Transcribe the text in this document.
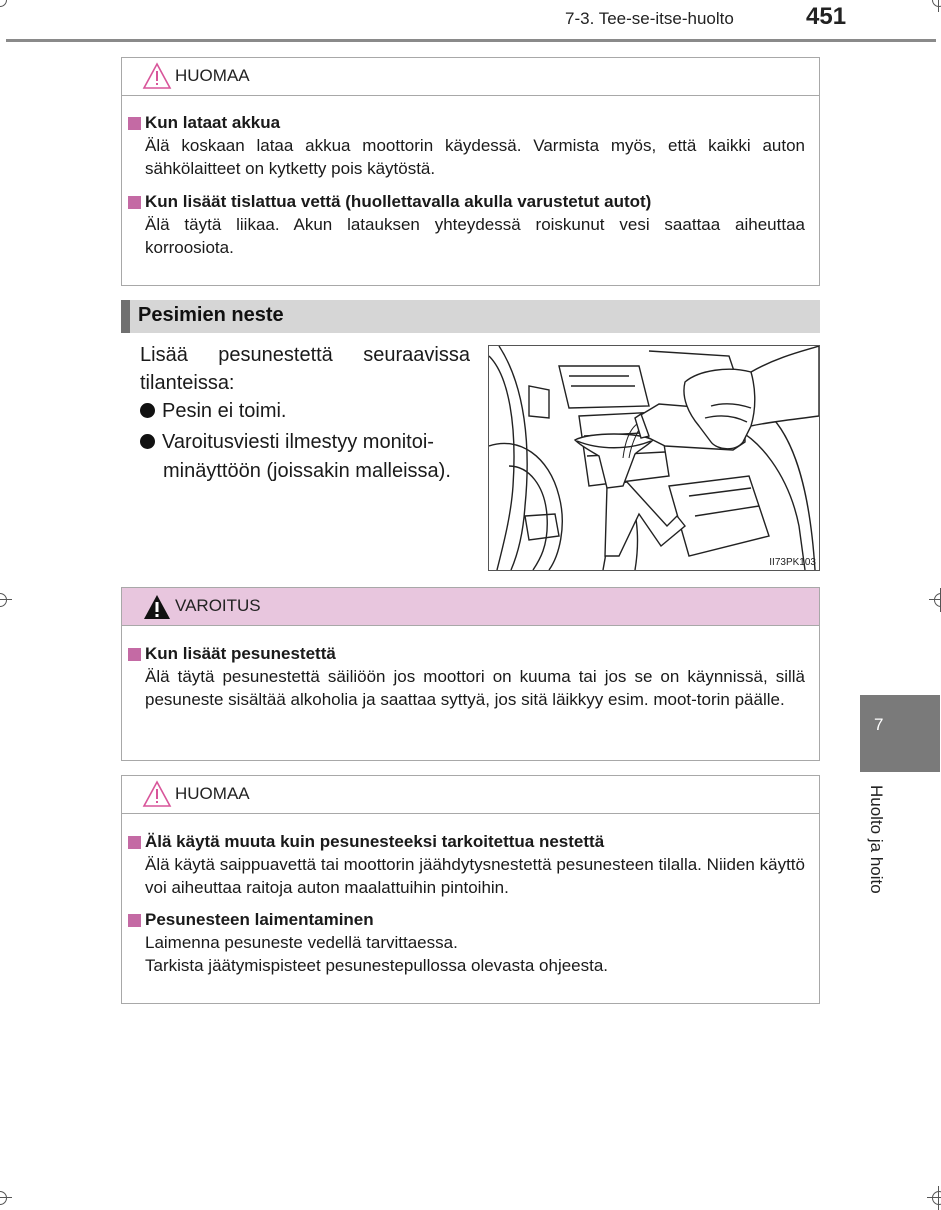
7-3. Tee-se-itse-huolto	451
HUOMAA
Kun lataat akkua
Älä koskaan lataa akkua moottorin käydessä. Varmista myös, että kaikki auton sähkölaitteet on kytketty pois käytöstä.
Kun lisäät tislattua vettä (huollettavalla akulla varustetut autot)
Älä täytä liikaa. Akun latauksen yhteydessä roiskunut vesi saattaa aiheuttaa korroosiota.
Pesimien neste
Lisää pesunestettä seuraavissa tilanteissa:
Pesin ei toimi.
Varoitusviesti ilmestyy monitoi-
minäyttöön (joissakin malleissa).
II73PK103
VAROITUS
Kun lisäät pesunestettä
Älä täytä pesunestettä säiliöön jos moottori on kuuma tai jos se on käynnissä, sillä pesuneste sisältää alkoholia ja saattaa syttyä, jos sitä läikkyy esim. moot-torin päälle.
HUOMAA
Älä käytä muuta kuin pesunesteeksi tarkoitettua nestettä
Älä käytä saippuavettä tai moottorin jäähdytysnestettä pesunesteen tilalla. Niiden käyttö voi aiheuttaa raitoja auton maalattuihin pintoihin.
Pesunesteen laimentaminen

Laimenna pesuneste vedellä tarvittaessa.

Tarkista jäätymispisteet pesunestepullossa olevasta ohjeesta.

7
Huolto ja hoito
